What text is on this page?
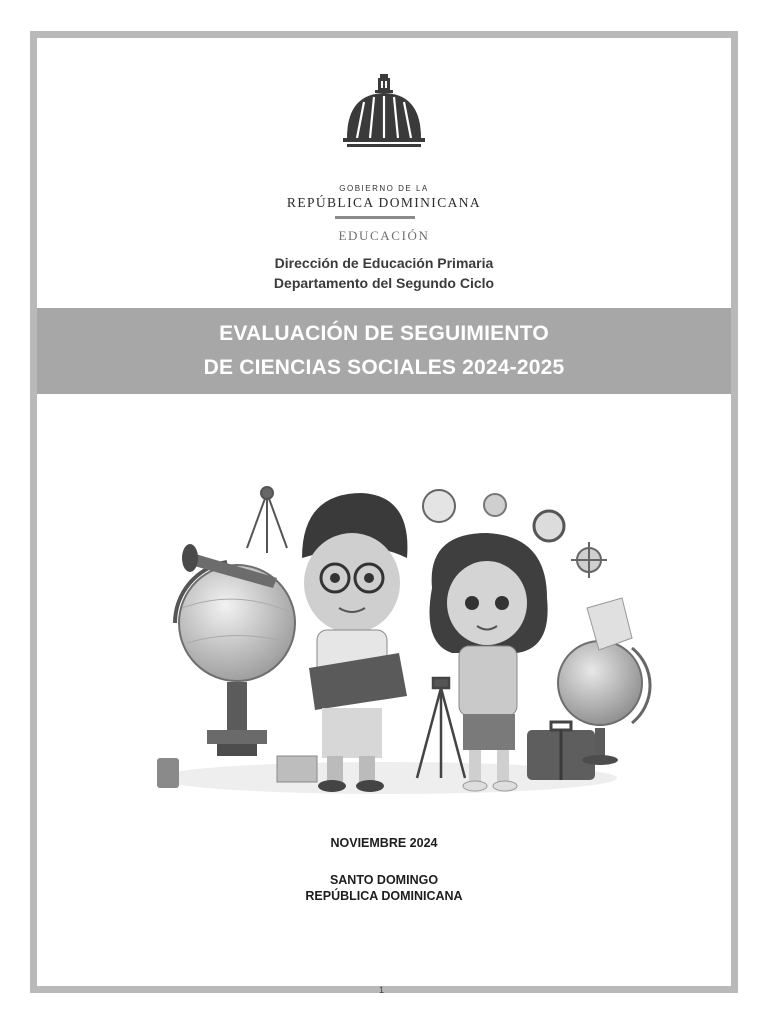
GOBIERNO DE LA
REPÚBLICA DOMINICANA
EDUCACIÓN
Dirección de Educación Primaria
Departamento del Segundo Ciclo
EVALUACIÓN DE SEGUIMIENTO
DE CIENCIAS SOCIALES 2024-2025
NOVIEMBRE 2024
SANTO DOMINGO
REPÚBLICA DOMINICANA
1
